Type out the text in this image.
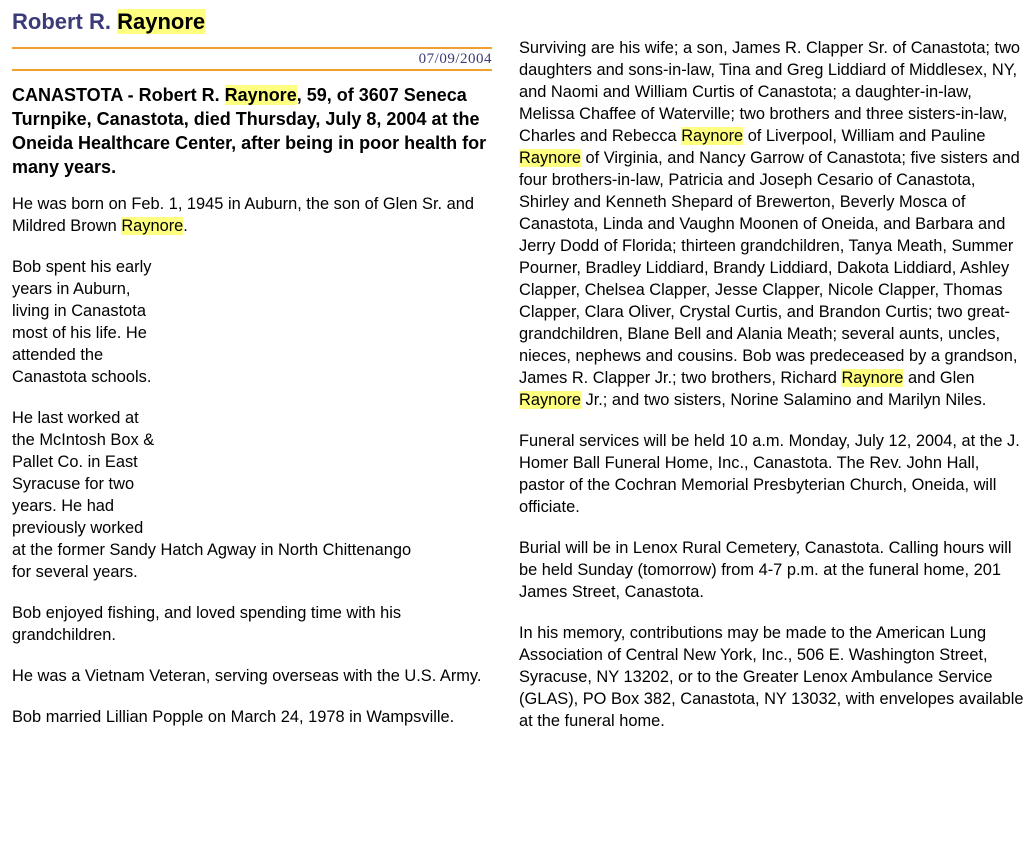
Robert R. Raynore
07/09/2004

CANASTOTA - Robert R. Raynore, 59, of 3607 Seneca Turnpike, Canastota, died Thursday, July 8, 2004 at the Oneida Healthcare Center, after being in poor health for many years.

He was born on Feb. 1, 1945 in Auburn, the son of Glen Sr. and Mildred Brown Raynore.

Bob spent his early
years in Auburn,
living in Canastota
most of his life. He
attended the
Canastota schools.

He last worked at
the McIntosh Box &
Pallet Co. in East
Syracuse for two
years. He had
previously worked
at the former Sandy Hatch Agway in North Chittenango
for several years.

Bob enjoyed fishing, and loved spending time with his grandchildren.

He was a Vietnam Veteran, serving overseas with the U.S. Army.

Bob married Lillian Popple on March 24, 1978 in Wampsville.

Surviving are his wife; a son, James R. Clapper Sr. of Canastota; two daughters and sons-in-law, Tina and Greg Liddiard of Middlesex, NY, and Naomi and William Curtis of Canastota; a daughter-in-law, Melissa Chaffee of Waterville; two brothers and three sisters-in-law, Charles and Rebecca Raynore of Liverpool, William and Pauline Raynore of Virginia, and Nancy Garrow of Canastota; five sisters and four brothers-in-law, Patricia and Joseph Cesario of Canastota, Shirley and Kenneth Shepard of Brewerton, Beverly Mosca of Canastota, Linda and Vaughn Moonen of Oneida, and Barbara and Jerry Dodd of Florida; thirteen grandchildren, Tanya Meath, Summer Pourner, Bradley Liddiard, Brandy Liddiard, Dakota Liddiard, Ashley Clapper, Chelsea Clapper, Jesse Clapper, Nicole Clapper, Thomas Clapper, Clara Oliver, Crystal Curtis, and Brandon Curtis; two great-grandchildren, Blane Bell and Alania Meath; several aunts, uncles, nieces, nephews and cousins. Bob was predeceased by a grandson, James R. Clapper Jr.; two brothers, Richard Raynore and Glen Raynore Jr.; and two sisters, Norine Salamino and Marilyn Niles.

Funeral services will be held 10 a.m. Monday, July 12, 2004, at the J. Homer Ball Funeral Home, Inc., Canastota. The Rev. John Hall, pastor of the Cochran Memorial Presbyterian Church, Oneida, will officiate.

Burial will be in Lenox Rural Cemetery, Canastota. Calling hours will be held Sunday (tomorrow) from 4-7 p.m. at the funeral home, 201 James Street, Canastota.

In his memory, contributions may be made to the American Lung Association of Central New York, Inc., 506 E. Washington Street, Syracuse, NY 13202, or to the Greater Lenox Ambulance Service (GLAS), PO Box 382, Canastota, NY 13032, with envelopes available at the funeral home.
